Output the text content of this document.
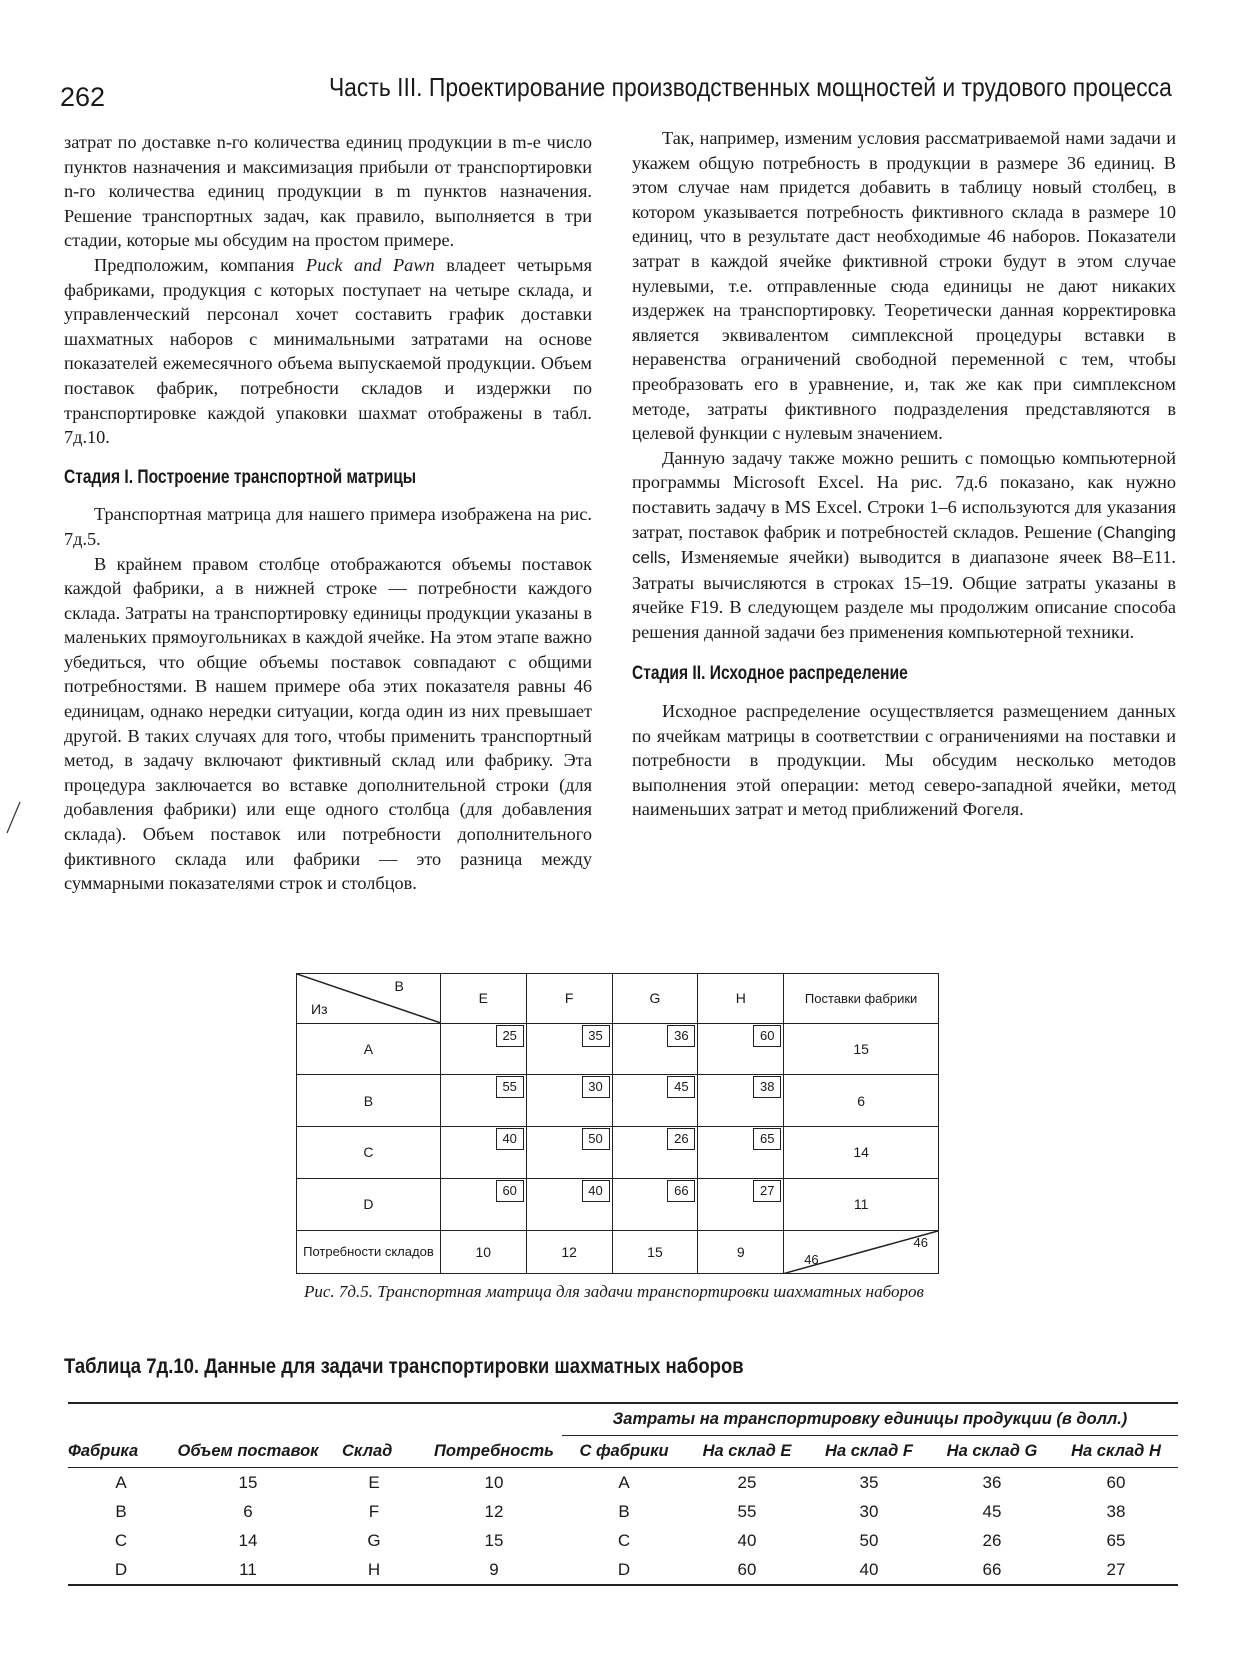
262	Часть III. Проектирование производственных мощностей и трудового процесса

затрат по доставке n-го количества единиц продукции в m-е число пунктов назначения и максимизация прибыли от транспортировки n-го количества единиц продукции в m пунктов назначения. Решение транспортных задач, как правило, выполняется в три стадии, которые мы обсудим на простом примере.

Предположим, компания Puck and Pawn владеет четырьмя фабриками, продукция с которых поступает на четыре склада, и управленческий персонал хочет составить график доставки шахматных наборов с минимальными затратами на основе показателей ежемесячного объема выпускаемой продукции. Объем поставок фабрик, потребности складов и издержки по транспортировке каждой упаковки шахмат отображены в табл. 7д.10.

Стадия I. Построение транспортной матрицы

Транспортная матрица для нашего примера изображена на рис. 7д.5.

В крайнем правом столбце отображаются объемы поставок каждой фабрики, а в нижней строке — потребности каждого склада. Затраты на транспортировку единицы продукции указаны в маленьких прямоугольниках в каждой ячейке. На этом этапе важно убедиться, что общие объемы поставок совпадают с общими потребностями. В нашем примере оба этих показателя равны 46 единицам, однако нередки ситуации, когда один из них превышает другой. В таких случаях для того, чтобы применить транспортный метод, в задачу включают фиктивный склад или фабрику. Эта процедура заключается во вставке дополнительной строки (для добавления фабрики) или еще одного столбца (для добавления склада). Объем поставок или потребности дополнительного фиктивного склада или фабрики — это разница между суммарными показателями строк и столбцов.

Так, например, изменим условия рассматриваемой нами задачи и укажем общую потребность в продукции в размере 36 единиц. В этом случае нам придется добавить в таблицу новый столбец, в котором указывается потребность фиктивного склада в размере 10 единиц, что в результате даст необходимые 46 наборов. Показатели затрат в каждой ячейке фиктивной строки будут в этом случае нулевыми, т.е. отправленные сюда единицы не дают никаких издержек на транспортировку. Теоретически данная корректировка является эквивалентом симплексной процедуры вставки в неравенства ограничений свободной переменной с тем, чтобы преобразовать его в уравнение, и, так же как при симплексном методе, затраты фиктивного подразделения представляются в целевой функции с нулевым значением.

Данную задачу также можно решить с помощью компьютерной программы Microsoft Excel. На рис. 7д.6 показано, как нужно поставить задачу в MS Excel. Строки 1–6 используются для указания затрат, поставок фабрик и потребностей складов. Решение (Changing cells, Изменяемые ячейки) выводится в диапазоне ячеек B8–E11. Затраты вычисляются в строках 15–19. Общие затраты указаны в ячейке F19. В следующем разделе мы продолжим описание способа решения данной задачи без применения компьютерной техники.

Стадия II. Исходное распределение

Исходное распределение осуществляется размещением данных по ячейкам матрицы в соответствии с ограничениями на поставки и потребности в продукции. Мы обсудим несколько методов выполнения этой операции: метод северо-западной ячейки, метод наименьших затрат и метод приближений Фогеля.

Из
В	E	F	G	H	Поставки фабрики
A	25	35	36	60	15
B	55	30	45	38	6
C	40	50	26	65	14
D	60	40	66	27	11
Потребности складов	10	12	15	9	46
46
Рис. 7д.5. Транспортная матрица для задачи транспортировки шахматных наборов
Таблица 7д.10. Данные для задачи транспортировки шахматных наборов
				Затраты на транспортировку единицы продукции (в долл.)				
Фабрика	Объем поставок	Склад	Потребность	С фабрики	На склад E	На склад F	На склад G	На склад H
A	15	E	10	A	25	35	36	60
B	6	F	12	B	55	30	45	38
C	14	G	15	C	40	50	26	65
D	11	H	9	D	60	40	66	27
